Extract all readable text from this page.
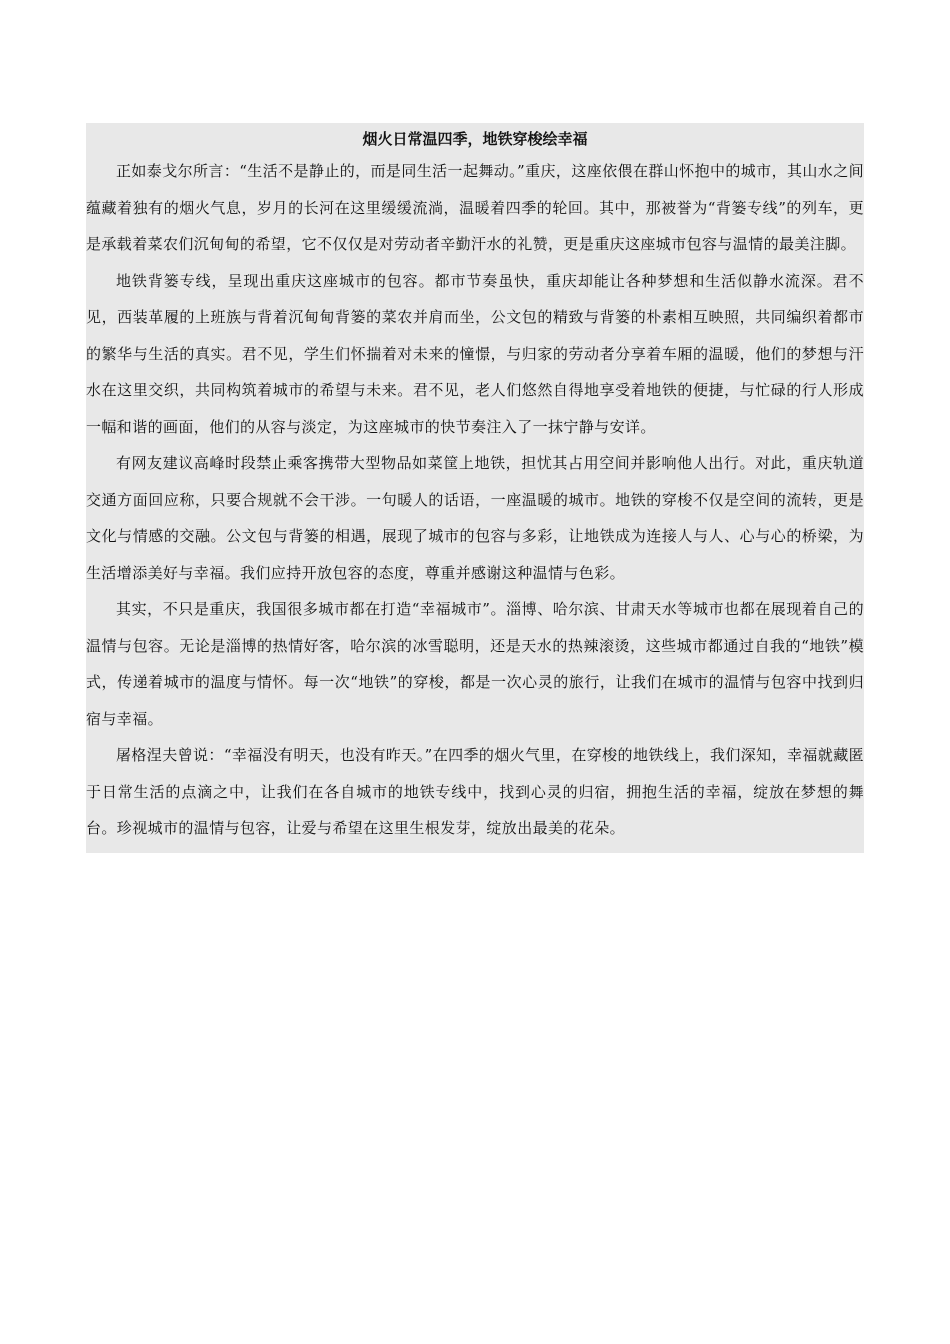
烟火日常温四季，地铁穿梭绘幸福

正如泰戈尔所言：“生活不是静止的，而是同生活一起舞动。”重庆，这座依偎在群山怀抱中的城市，其山水之间蕴藏着独有的烟火气息，岁月的长河在这里缓缓流淌，温暖着四季的轮回。其中，那被誉为“背篓专线”的列车，更是承载着菜农们沉甸甸的希望，它不仅仅是对劳动者辛勤汗水的礼赞，更是重庆这座城市包容与温情的最美注脚。

地铁背篓专线，呈现出重庆这座城市的包容。都市节奏虽快，重庆却能让各种梦想和生活似静水流深。君不见，西装革履的上班族与背着沉甸甸背篓的菜农并肩而坐，公文包的精致与背篓的朴素相互映照，共同编织着都市的繁华与生活的真实。君不见，学生们怀揣着对未来的憧憬，与归家的劳动者分享着车厢的温暖，他们的梦想与汗水在这里交织，共同构筑着城市的希望与未来。君不见，老人们悠然自得地享受着地铁的便捷，与忙碌的行人形成一幅和谐的画面，他们的从容与淡定，为这座城市的快节奏注入了一抹宁静与安详。

有网友建议高峰时段禁止乘客携带大型物品如菜筐上地铁，担忧其占用空间并影响他人出行。对此，重庆轨道交通方面回应称，只要合规就不会干涉。一句暖人的话语，一座温暖的城市。地铁的穿梭不仅是空间的流转，更是文化与情感的交融。公文包与背篓的相遇，展现了城市的包容与多彩，让地铁成为连接人与人、心与心的桥梁，为生活增添美好与幸福。我们应持开放包容的态度，尊重并感谢这种温情与色彩。

其实，不只是重庆，我国很多城市都在打造“幸福城市”。淄博、哈尔滨、甘肃天水等城市也都在展现着自己的温情与包容。无论是淄博的热情好客，哈尔滨的冰雪聪明，还是天水的热辣滚烫，这些城市都通过自我的“地铁”模式，传递着城市的温度与情怀。每一次“地铁”的穿梭，都是一次心灵的旅行，让我们在城市的温情与包容中找到归宿与幸福。

屠格涅夫曾说：“幸福没有明天，也没有昨天。”在四季的烟火气里，在穿梭的地铁线上，我们深知，幸福就藏匿于日常生活的点滴之中，让我们在各自城市的地铁专线中，找到心灵的归宿，拥抱生活的幸福，绽放在梦想的舞台。珍视城市的温情与包容，让爱与希望在这里生根发芽，绽放出最美的花朵。
